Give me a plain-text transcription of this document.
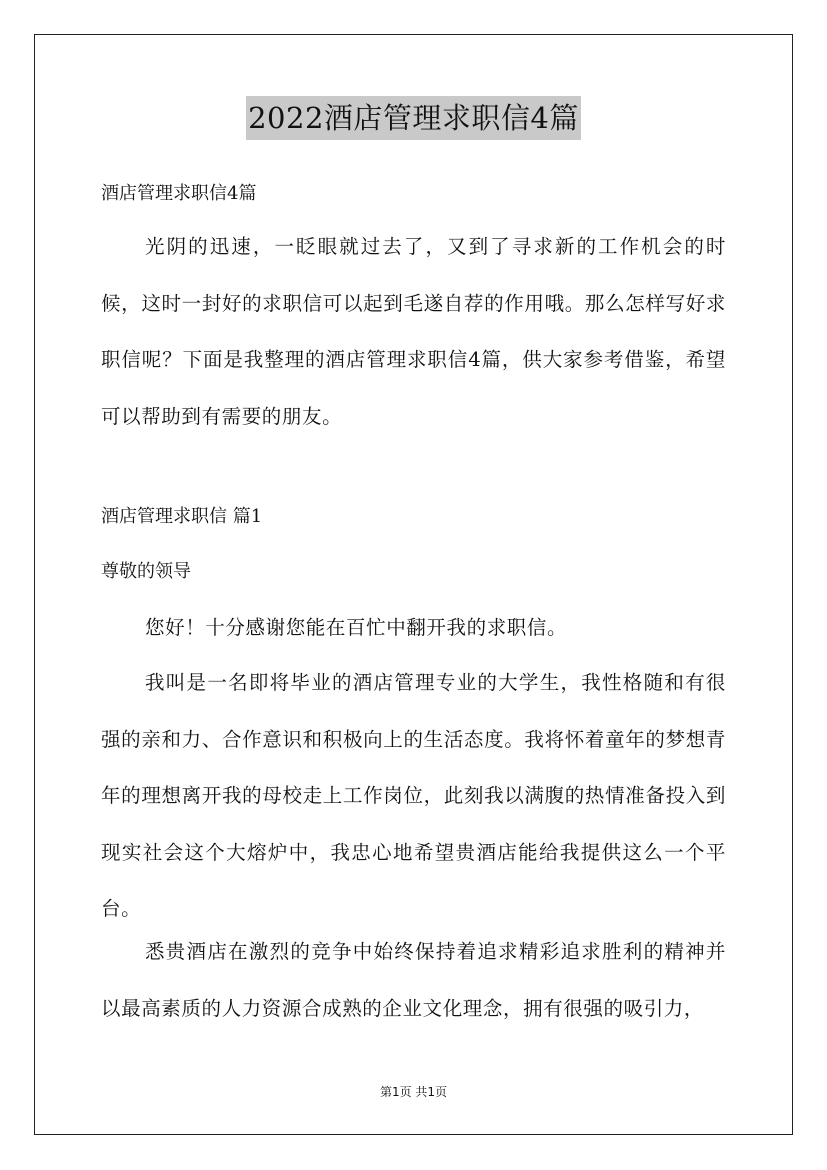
2022酒店管理求职信4篇
酒店管理求职信4篇

光阴的迅速，一眨眼就过去了，又到了寻求新的工作机会的时候，这时一封好的求职信可以起到毛遂自荐的作用哦。那么怎样写好求职信呢？下面是我整理的酒店管理求职信4篇，供大家参考借鉴，希望可以帮助到有需要的朋友。

酒店管理求职信 篇1
尊敬的领导

您好！十分感谢您能在百忙中翻开我的求职信。

我叫是一名即将毕业的酒店管理专业的大学生，我性格随和有很强的亲和力、合作意识和积极向上的生活态度。我将怀着童年的梦想青年的理想离开我的母校走上工作岗位，此刻我以满腹的热情准备投入到现实社会这个大熔炉中，我忠心地希望贵酒店能给我提供这么一个平台。

悉贵酒店在激烈的竞争中始终保持着追求精彩追求胜利的精神并以最高素质的人力资源合成熟的企业文化理念，拥有很强的吸引力，

第1页 共1页
